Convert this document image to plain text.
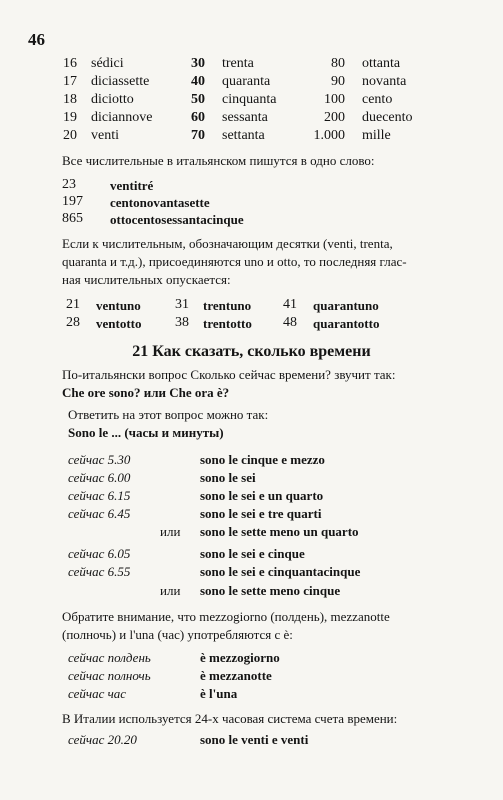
46
16 sédici	30 trenta	80 ottanta
17 diciassette	40 quaranta	90 novanta
18 diciotto	50 cinquanta	100 cento
19 diciannove	60 sessanta	200 duecento
20 venti	70 settanta	1.000 mille
Все числительные в итальянском пишутся в одно слово:
23	ventitré
197 centonovantasette
865 ottocentosessantacinque
Если к числительным, обозначающим десятки (venti, trenta,
quaranta и т.д.), присоединяются uno и otto, то последняя глас-
ная числительных опускается:
21 ventuno 31 trentuno 41 quarantuno
28 ventotto 38 trentotto 48 quarantotto
21 Как сказать, сколько времени
По-итальянски вопрос Сколько сейчас времени? звучит так:
Che ore sono? или Che ora è?
Ответить на этот вопрос можно так:
Sono le ... (часы и минуты)
сейчас 5.30	sono le cinque e mezzo
сейчас 6.00	sono le sei
сейчас 6.15	sono le sei e un quarto
сейчас 6.45	sono le sei e tre quarti
или sono le sette meno un quarto
сейчас 6.05	sono le sei e cinque
сейчас 6.55	sono le sei e cinquantacinque
или sono le sette meno cinque
Обратите внимание, что mezzogiorno (полдень), mezzanotte
(полночь) и l'una (час) употребляются с è:
сейчас полдень	è mezzogiorno
сейчас полночь	è mezzanotte
сейчас час	è l'una
В Италии используется 24-х часовая система счета времени:
сейчас 20.20	sono le venti e venti
